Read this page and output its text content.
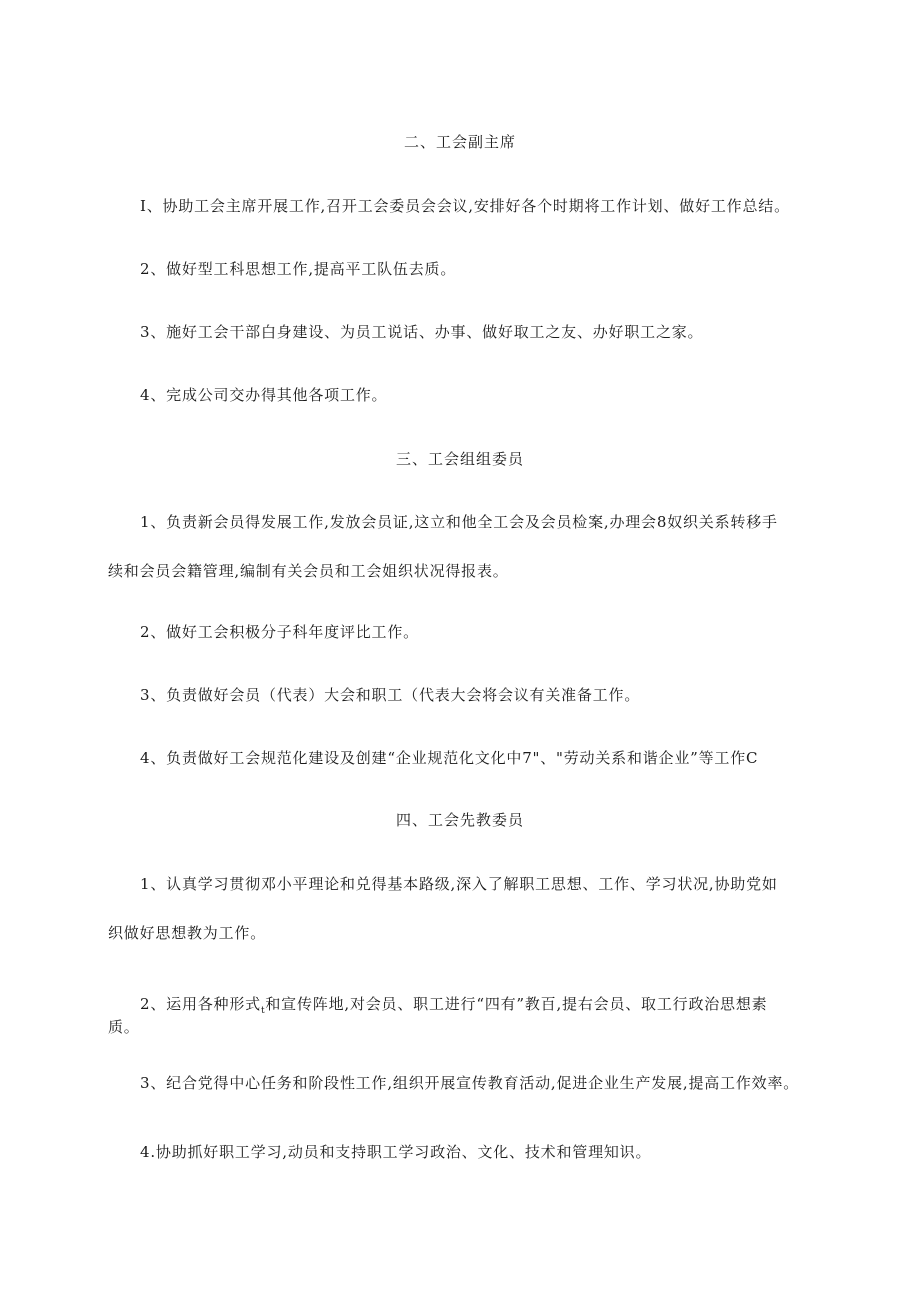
二、工会副主席
I、协助工会主席开展工作,召开工会委员会会议,安排好各个时期将工作计划、做好工作总结。
2、做好型工科思想工作,提高平工队伍去质。
3、施好工会干部白身建设、为员工说话、办事、做好取工之友、办好职工之家。
4、完成公司交办得其他各项工作。
三、工会组组委员
1、负责新会员得发展工作,发放会员证,这立和他全工会及会员检案,办理会8奴织关系转移手
续和会员会籍管理,编制有关会员和工会姐织状况得报表。
2、做好工会积极分子科年度评比工作。
3、负责做好会员（代表）大会和职工（代表大会将会议有关准备工作。
4、负责做好工会规范化建设及创建“企业规范化文化中7"、"劳动关系和谐企业”等工作C
四、工会先教委员
1、认真学习贯彻邓小平理论和兑得基本路级,深入了解职工思想、工作、学习状况,协助党如
织做好思想教为工作。
2、运用各种形式$_t$和宣传阵地,对会员、职工进行“四有”教百,提右会员、取工行政治思想素
质。
3、纪合党得中心任务和阶段性工作,组织开展宣传教育活动,促进企业生产发展,提高工作效率。
4.协助抓好职工学习,动员和支持职工学习政治、文化、技术和管理知识。
